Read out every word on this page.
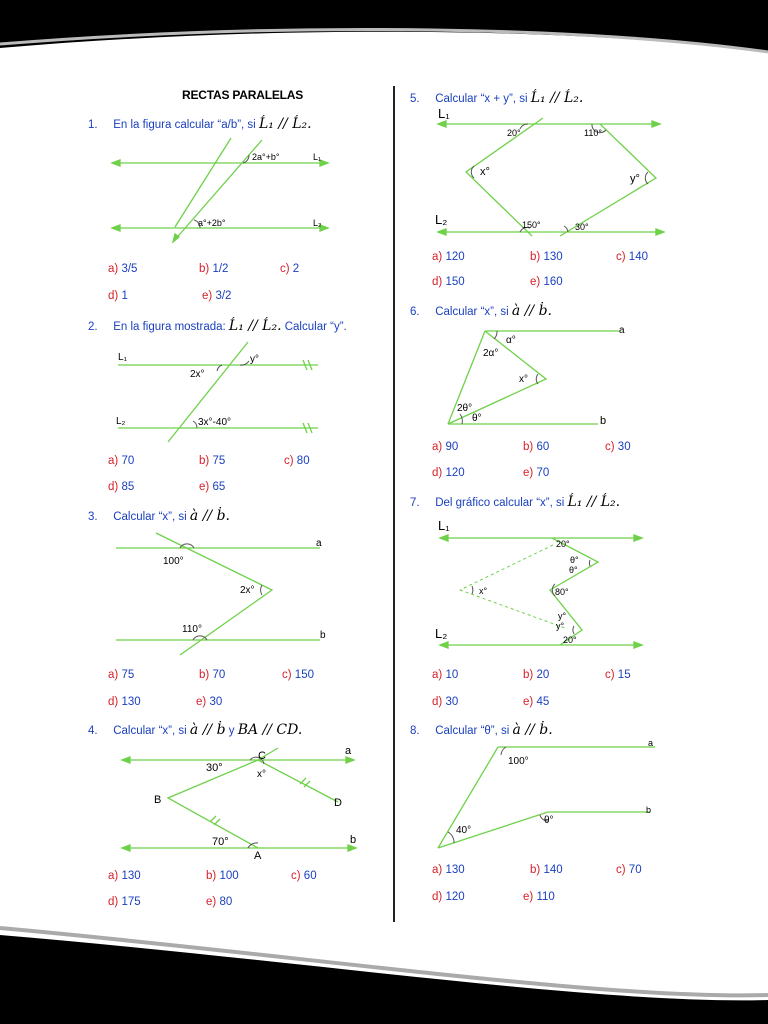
RECTAS PARALELAS
1. En la figura calcular “a/b”, si Ĺ₁ // Ĺ₂.
2a°+b°	L₁
a°+2b°	L₂
a) 3/5	b) 1/2	c) 2
d) 1	e) 3/2
2. En la figura mostrada: Ĺ₁ // Ĺ₂. Calcular “y”.
L₁	y°
2x°
L₂	3x°-40°
a) 70	b) 75	c) 80
d) 85	e) 65
3. Calcular “x”, si à // ḃ.
a
100°
2x°
110°
b
a) 75	b) 70	c) 150
d) 130	e) 30
4. Calcular “x”, si à // ḃ y BA // CD.
C	a
30°
x°
B	D
70°	b
A
a) 130	b) 100	c) 60
d) 175	e) 80
5. Calcular “x + y”, si Ĺ₁ // Ĺ₂.
L₁
20°	110°
x°
y°
L₂	150°	30°
a) 120	b) 130	c) 140
d) 150	e) 160
6. Calcular “x”, si à // ḃ.
a
α°
2α°
x°
2θ°
θ°	b
a) 90	b) 60	c) 30
d) 120	e) 70
7. Del gráfico calcular “x”, si Ĺ₁ // Ĺ₂.
L₁
20°
θ°
θ°
x°	80°
y°
y°
L₂	20°
a) 10	b) 20	c) 15
d) 30	e) 45
8. Calcular “θ”, si à // ḃ.
a
100°
b
θ°
40°
a) 130	b) 140	c) 70
d) 120	e) 110
